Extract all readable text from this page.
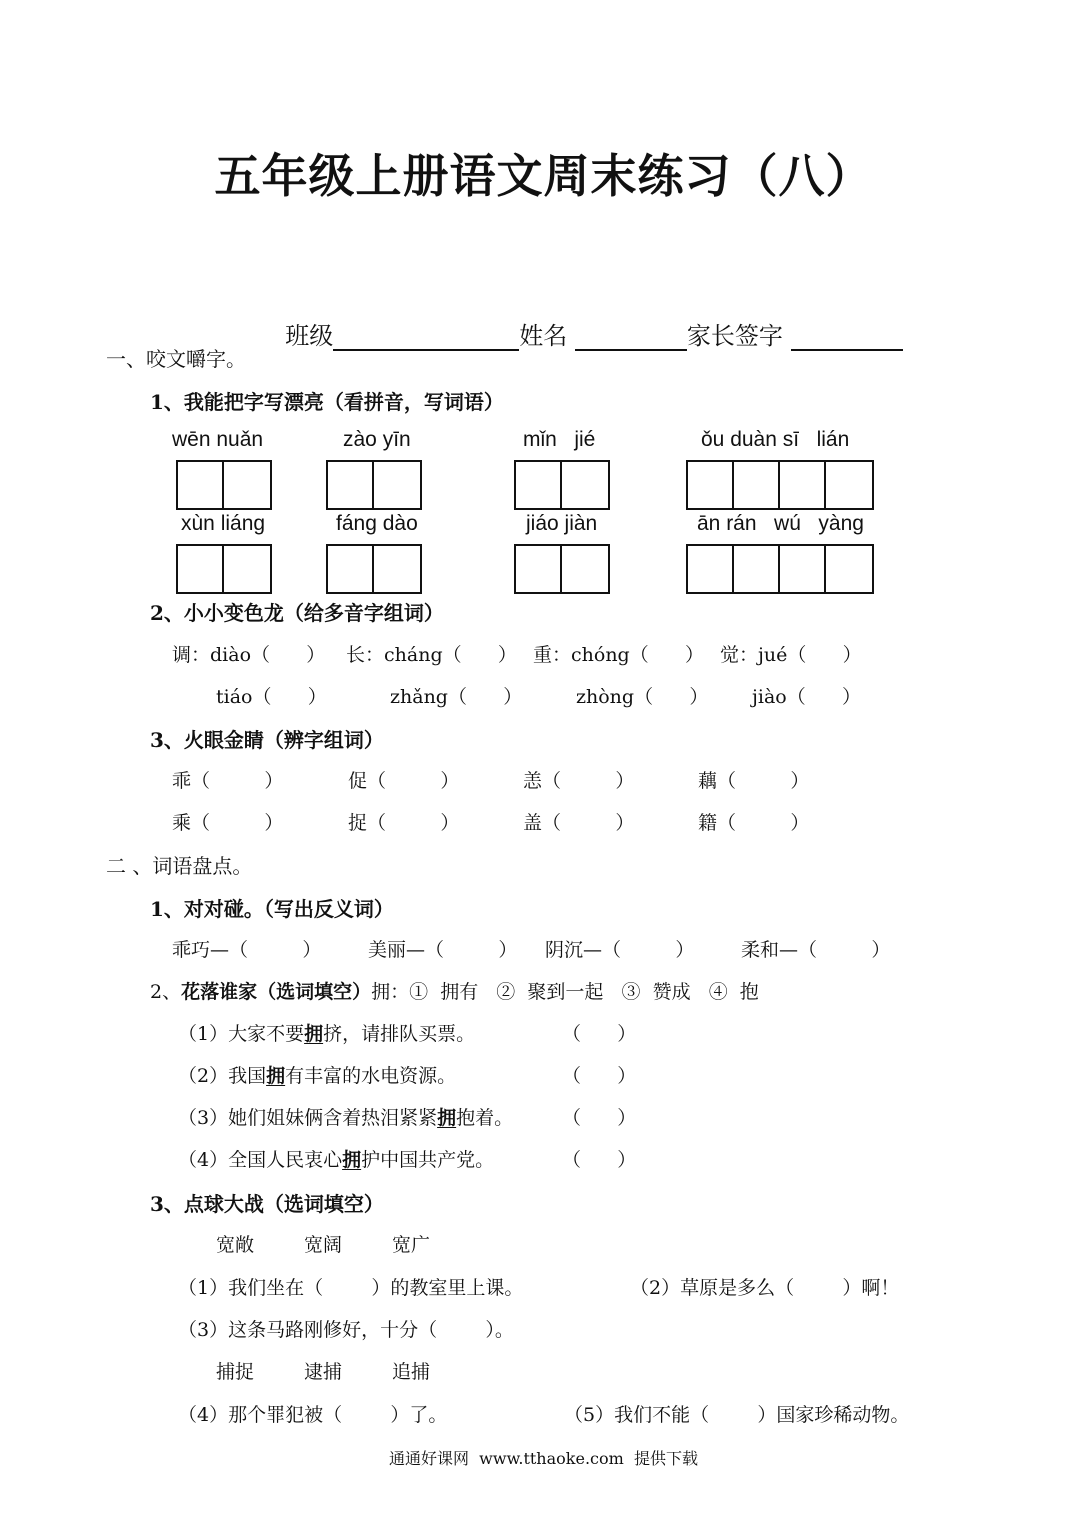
五年级上册语文周末练习（八）

班级	姓名	家长签字

一、咬文嚼字。
1、我能把字写漂亮（看拼音，写词语）
wēn nuǎn	zào yīn	mǐn   jié	ǒu duàn sī   lián
xùn liáng	fáng dào	jiáo jiàn	ān rán   wú   yàng
2、小小变色龙（给多音字组词）
调：diào（      ） 长：cháng（      ） 重：chóng（      ） 觉：jué（      ）
tiáo（      ）	zhǎng（      ）	zhòng（      ） jiào（      ）
3、火眼金睛（辨字组词）
乖（         ）	促（         ）	恙（         ）	藕（         ）
乘（         ）	捉（         ）	盖（         ）	籍（         ）
二 、词语盘点。
1、对对碰。（写出反义词）
乖巧—（         ） 美丽—（         ） 阴沉—（         ） 柔和—（         ）
2、花落谁家（选词填空）拥：①  拥有   ②  聚到一起   ③  赞成   ④  抱
（1）大家不要拥挤，请排队买票。	（      ）
（2）我国拥有丰富的水电资源。	（      ）
（3）她们姐妹俩含着热泪紧紧拥抱着。	（      ）
（4）全国人民衷心拥护中国共产党。	（      ）
3、点球大战（选词填空）
宽敞	宽阔	宽广
（1）我们坐在（        ）的教室里上课。	（2）草原是多么（        ）啊！
（3）这条马路刚修好，十分（        ）。
捕捉	逮捕	追捕
（4）那个罪犯被（        ）了。	（5）我们不能（        ）国家珍稀动物。
通通好课网  www.tthaoke.com  提供下载
